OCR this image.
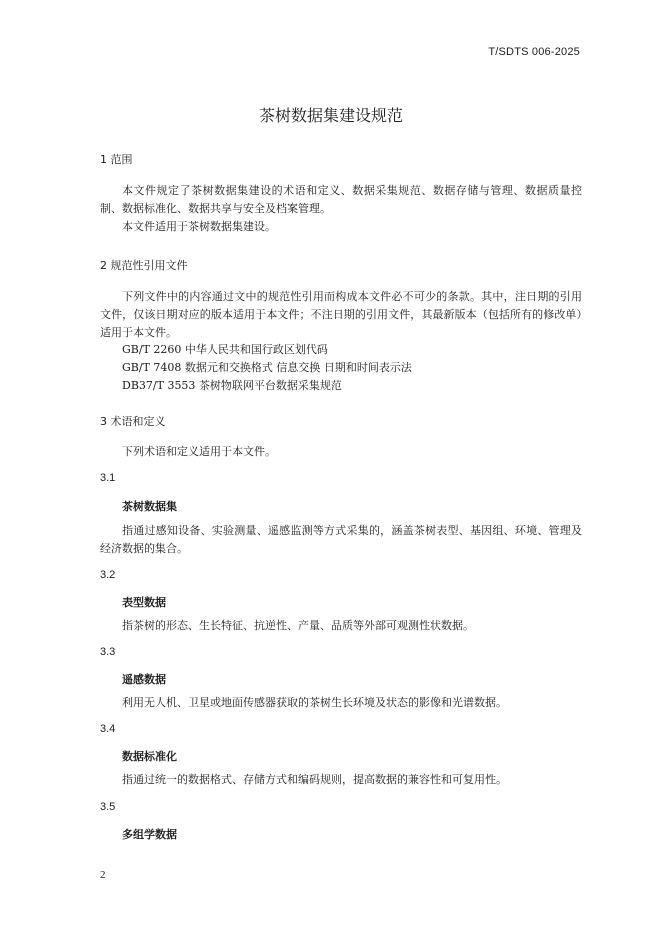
T/SDTS 006-2025
茶树数据集建设规范
1 范围
本文件规定了茶树数据集建设的术语和定义、数据采集规范、数据存储与管理、数据质量控制、数据标准化、数据共享与安全及档案管理。
本文件适用于茶树数据集建设。
2 规范性引用文件
下列文件中的内容通过文中的规范性引用而构成本文件必不可少的条款。其中，注日期的引用文件，仅该日期对应的版本适用于本文件；不注日期的引用文件，其最新版本（包括所有的修改单）适用于本文件。
GB/T 2260 中华人民共和国行政区划代码
GB/T 7408 数据元和交换格式 信息交换 日期和时间表示法
DB37/T 3553 茶树物联网平台数据采集规范
3 术语和定义
下列术语和定义适用于本文件。
3.1
茶树数据集
指通过感知设备、实验测量、遥感监测等方式采集的，涵盖茶树表型、基因组、环境、管理及经济数据的集合。
3.2
表型数据
指茶树的形态、生长特征、抗逆性、产量、品质等外部可观测性状数据。
3.3
遥感数据
利用无人机、卫星或地面传感器获取的茶树生长环境及状态的影像和光谱数据。
3.4
数据标准化
指通过统一的数据格式、存储方式和编码规则，提高数据的兼容性和可复用性。
3.5
多组学数据
2
